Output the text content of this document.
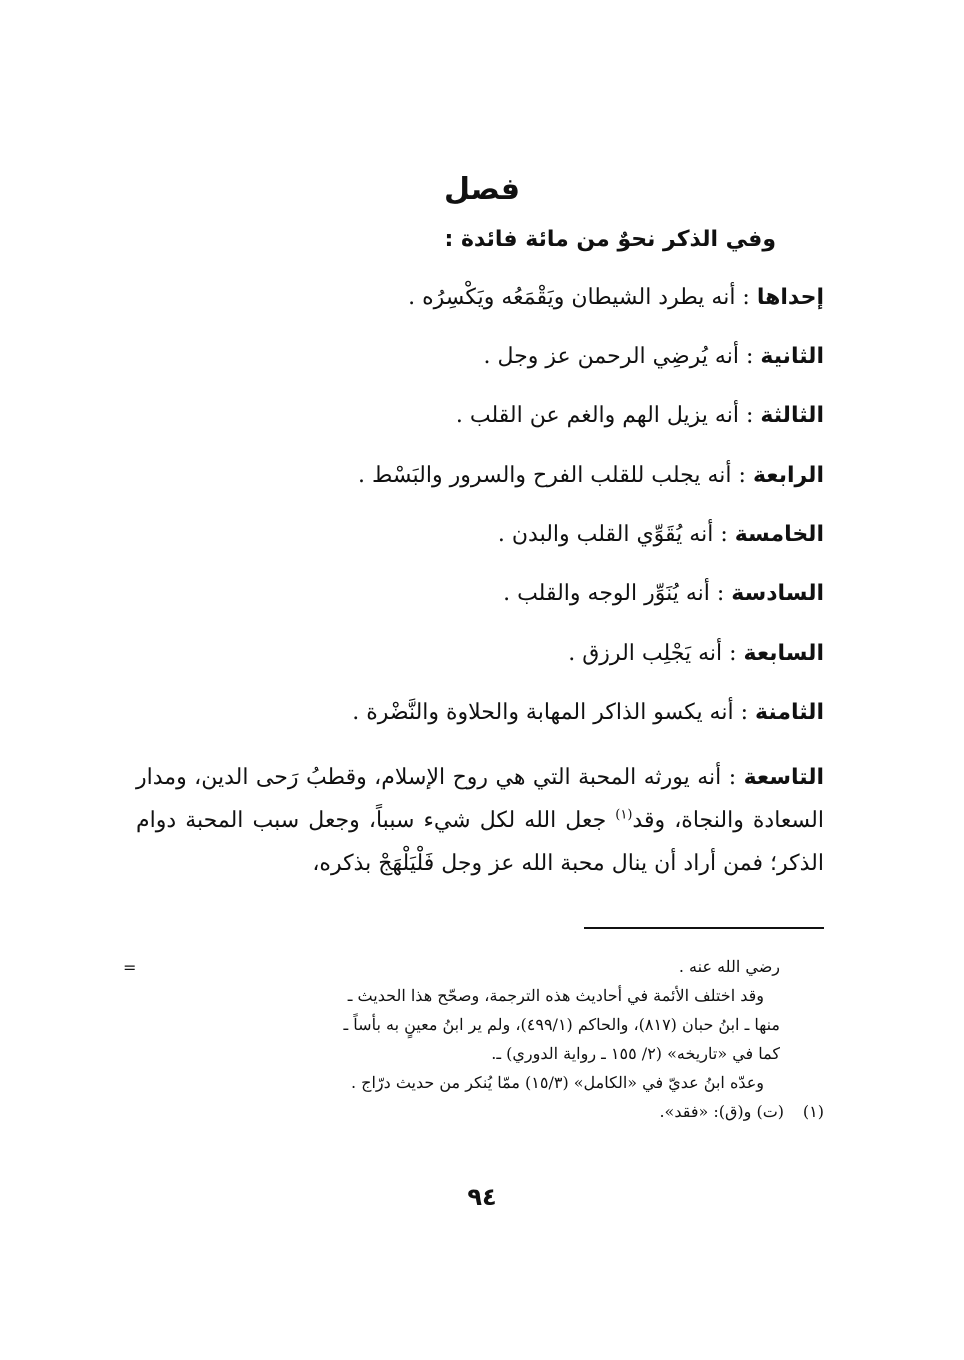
فصل
وفي الذكر نحوٌ من مائة فائدة :
إحداها : أنه يطرد الشيطان ويَقْمَعُه ويَكْسِرُه .
الثانية : أنه يُرضِي الرحمن عز وجل .
الثالثة : أنه يزيل الهم والغم عن القلب .
الرابعة : أنه يجلب للقلب الفرح والسرور والبَسْط .
الخامسة : أنه يُقَوِّي القلب والبدن .
السادسة : أنه يُنَوِّر الوجه والقلب .
السابعة : أنه يَجْلِب الرزق .
الثامنة : أنه يكسو الذاكر المهابة والحلاوة والنَّضْرة .
التاسعة : أنه يورثه المحبة التي هي روح الإسلام، وقطبُ رَحى الدين، ومدار السعادة والنجاة، وقد$^{(١)}$ جعل الله لكل شيء سبباً، وجعل سبب المحبة دوام الذكر؛ فمن أراد أن ينال محبة الله عز وجل فَلْيَلْهَجْ بذكره،
=	رضي الله عنه .
وقد اختلف الأئمة في أحاديث هذه الترجمة، وصحّح هذا الحديث ـ
منها ـ ابنُ حبان (٨١٧)، والحاكم (٤٩٩/١)، ولم ير ابنُ معينٍ به بأساً ـ
كما في «تاريخه» (٢/ ١٥٥ ـ رواية الدوري) ـ.
وعدّه ابنُ عديّ في «الكامل» (١٥/٣) ممّا يُنكر من حديث درّاج .
(١)(ت) و(ق): «فقد».
٩٤
